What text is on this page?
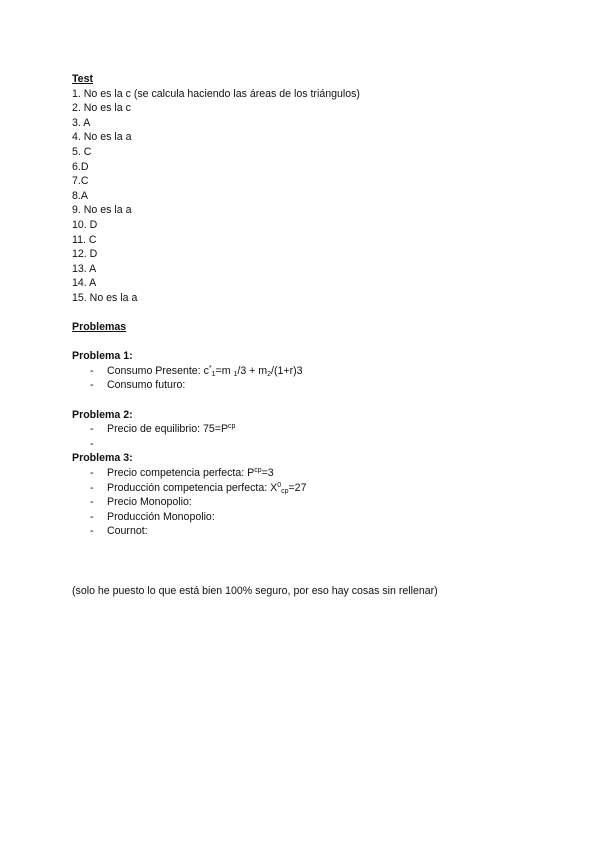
Test
1. No es la c (se calcula haciendo las áreas de los triángulos)
2. No es la c
3. A
4. No es la a
5. C
6.D
7.C
8.A
9. No es la a
10. D
11. C
12. D
13. A
14. A
15. No es la a
Problemas
Problema 1:
- Consumo Presente: $c^*_1=m$ $_1/3 + m_2/(1+r)3$
- Consumo futuro:
Problema 2:
- Precio de equilibrio: $75=P^{cp}$
-
Problema 3:
- Precio competencia perfecta: $P^{cp}=3$
- Producción competencia perfecta: $X^0_{cp}=27$
- Precio Monopolio:
- Producción Monopolio:
- Cournot:
(solo he puesto lo que está bien 100% seguro, por eso hay cosas sin rellenar)
